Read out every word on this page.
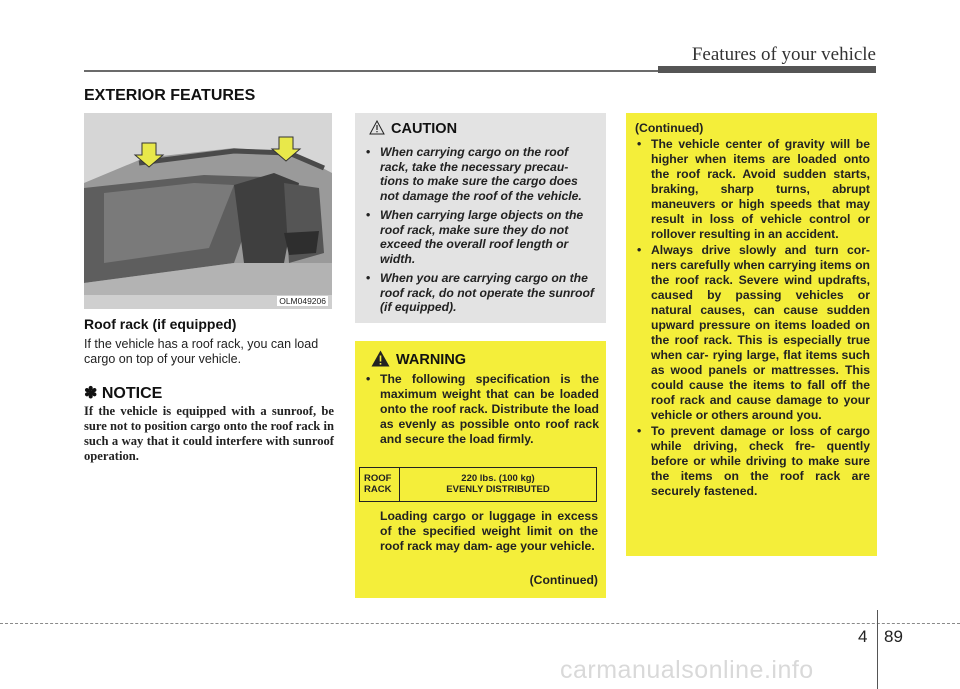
Features of your vehicle
EXTERIOR FEATURES
OLM049206
Roof rack (if equipped)
If the vehicle has a roof rack, you can load cargo on top of your vehicle.
✽ NOTICE
If the vehicle is equipped with a sunroof, be sure not to position cargo onto the roof rack in such a way that it could interfere with sunroof operation.
CAUTION
• When carrying cargo on the roof rack, take the necessary precau- tions to make sure the cargo does not damage the roof of the vehicle.
• When carrying large objects on the roof rack, make sure they do not exceed the overall roof length or width.
• When you are carrying cargo on the roof rack, do not operate the sunroof (if equipped).
WARNING
• The following specification is the maximum weight that can be loaded onto the roof rack. Distribute the load as evenly as possible onto roof rack and secure the load firmly.
ROOF
RACK
220 lbs. (100 kg)
EVENLY DISTRIBUTED
Loading cargo or luggage in excess of the specified weight limit on the roof rack may dam- age your vehicle.
(Continued)
(Continued)
• The vehicle center of gravity will be higher when items are loaded onto the roof rack. Avoid sudden starts, braking, sharp turns, abrupt maneuvers or high speeds that may result in loss of vehicle control or rollover resulting in an accident.
• Always drive slowly and turn cor- ners carefully when carrying items on the roof rack. Severe wind updrafts, caused by passing vehicles or natural causes, can cause sudden upward pressure on items loaded on the roof rack. This is especially true when car- rying large, flat items such as wood panels or mattresses. This could cause the items to fall off the roof rack and cause damage to your vehicle or others around you.
• To prevent damage or loss of cargo while driving, check fre- quently before or while driving to make sure the items on the roof rack are securely fastened.
4 89
carmanualsonline.info
